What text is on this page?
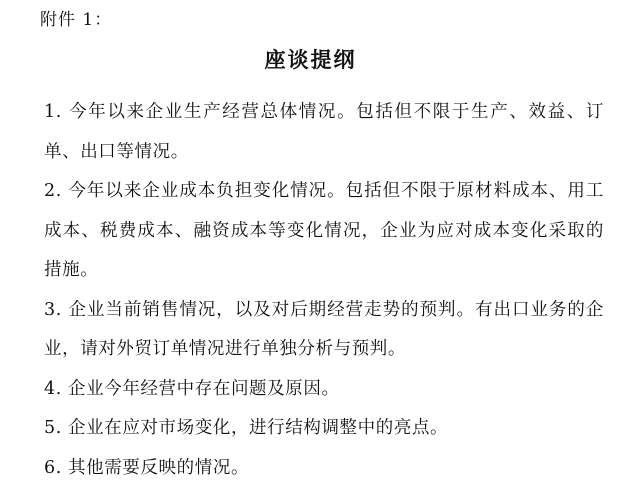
附件 1：
座谈提纲

1. 今年以来企业生产经营总体情况。包括但不限于生产、效益、订单、出口等情况。

2. 今年以来企业成本负担变化情况。包括但不限于原材料成本、用工成本、税费成本、融资成本等变化情况，企业为应对成本变化采取的措施。

3. 企业当前销售情况，以及对后期经营走势的预判。有出口业务的企业，请对外贸订单情况进行单独分析与预判。

4. 企业今年经营中存在问题及原因。

5. 企业在应对市场变化，进行结构调整中的亮点。

6. 其他需要反映的情况。
